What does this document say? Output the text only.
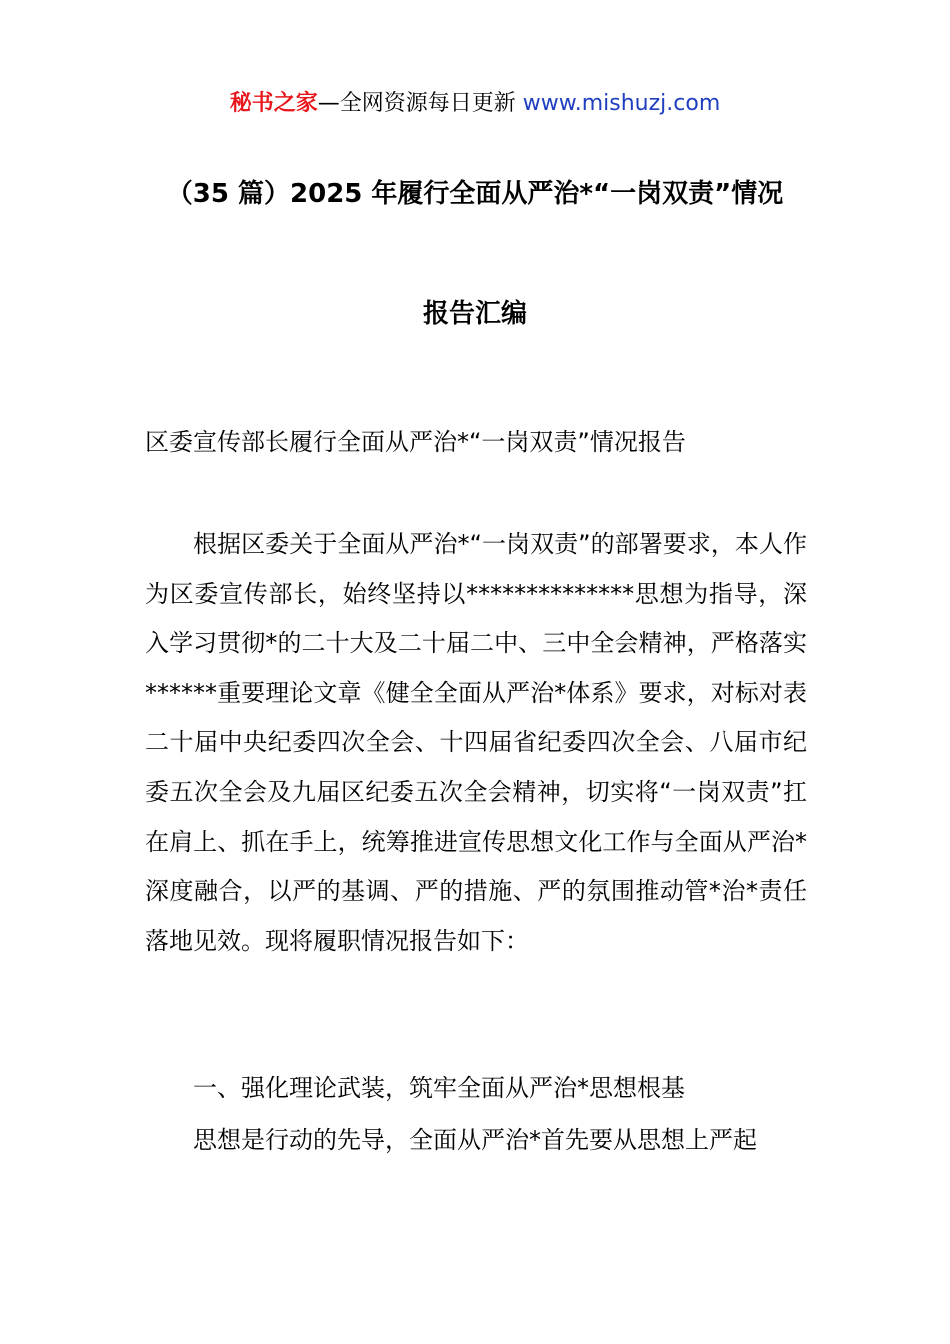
秘书之家—全网资源每日更新 www.mishuzj.com
（35 篇）2025 年履行全面从严治*“一岗双责”情况
报告汇编
区委宣传部长履行全面从严治*“一岗双责”情况报告

根据区委关于全面从严治*“一岗双责”的部署要求，本人作为区委宣传部长，始终坚持以**************思想为指导，深入学习贯彻*的二十大及二十届二中、三中全会精神，严格落实******重要理论文章《健全全面从严治*体系》要求，对标对表二十届中央纪委四次全会、十四届省纪委四次全会、八届市纪委五次全会及九届区纪委五次全会精神，切实将“一岗双责”扛在肩上、抓在手上，统筹推进宣传思想文化工作与全面从严治*深度融合，以严的基调、严的措施、严的氛围推动管*治*责任落地见效。现将履职情况报告如下：

一、强化理论武装，筑牢全面从严治*思想根基
思想是行动的先导，全面从严治*首先要从思想上严起
